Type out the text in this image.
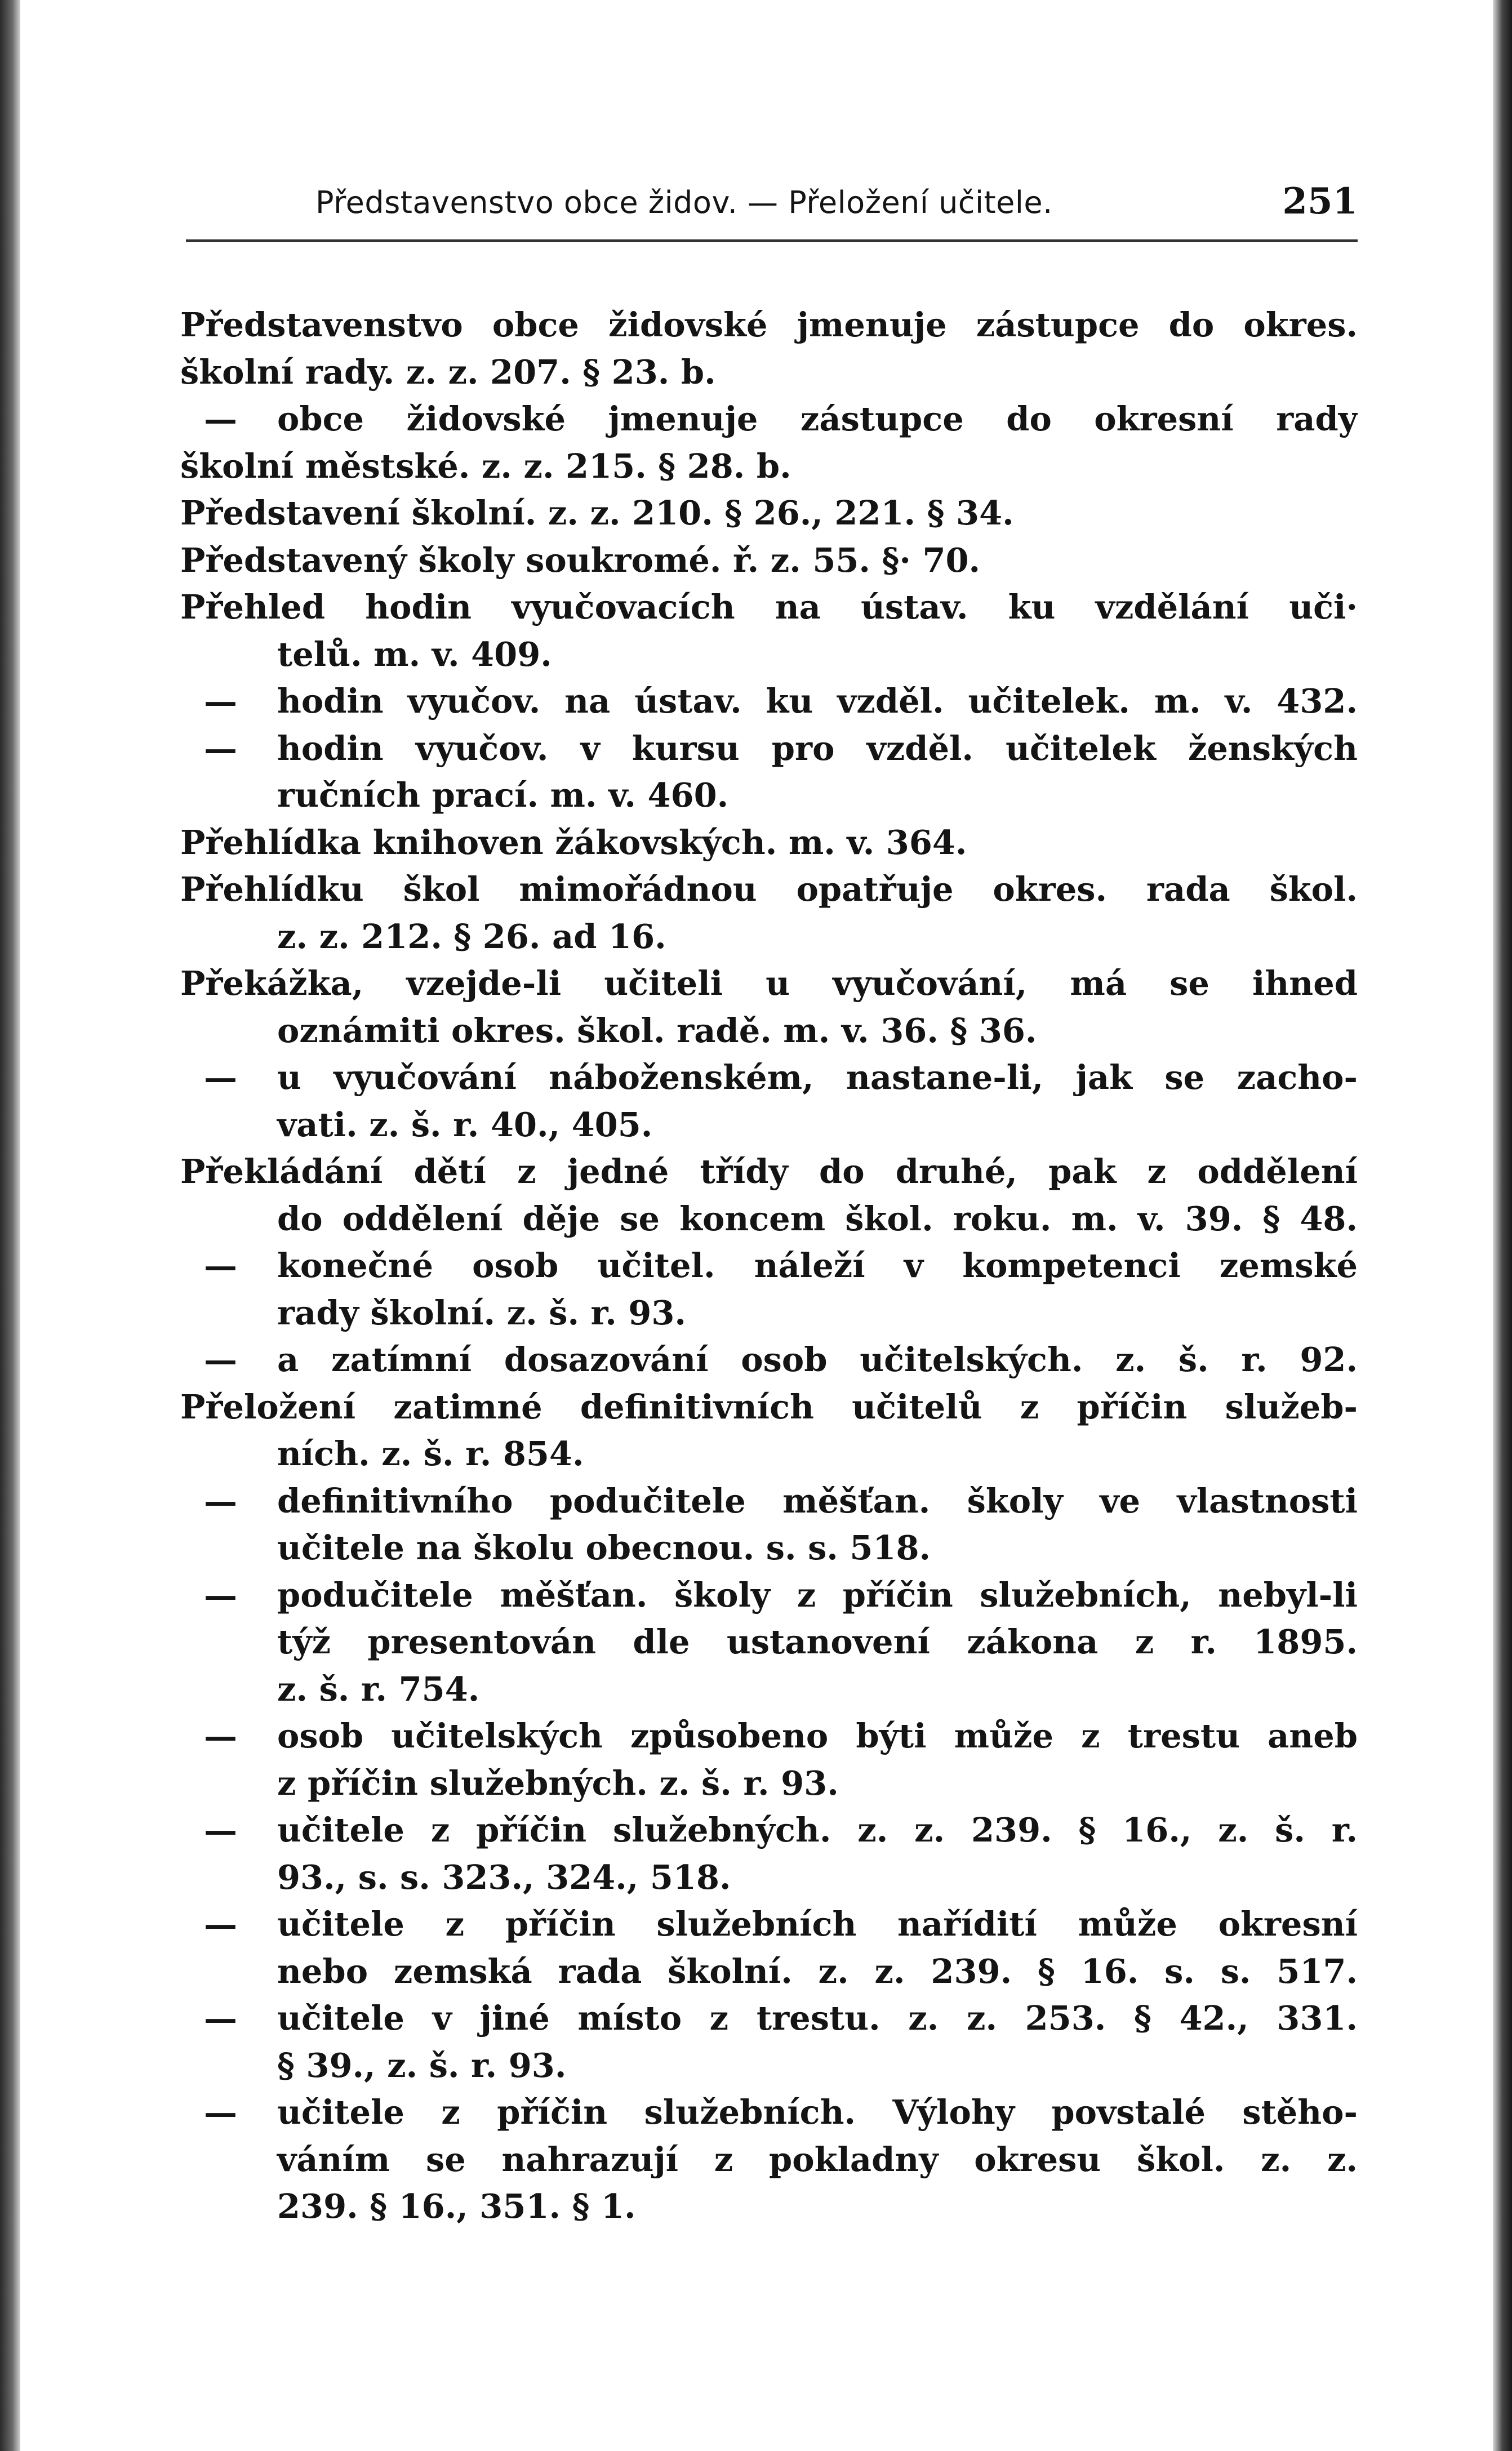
Představenstvo obce židov. — Přeložení učitele.	251
Představenstvo obce židovské jmenuje zástupce do okres.
školní rady. z. z. 207. § 23. b.
—obce židovské jmenuje zástupce do okresní rady
školní městské. z. z. 215. § 28. b.
Představení školní. z. z. 210. § 26., 221. § 34.
Představený školy soukromé. ř. z. 55. §· 70.
Přehled hodin vyučovacích na ústav. ku vzdělání uči·
telů. m. v. 409.
—hodin vyučov. na ústav. ku vzděl. učitelek. m. v. 432.
—hodin vyučov. v kursu pro vzděl. učitelek ženských
ručních prací. m. v. 460.
Přehlídka knihoven žákovských. m. v. 364.
Přehlídku škol mimořádnou opatřuje okres. rada škol.
z. z. 212. § 26. ad 16.
Překážka, vzejde-li učiteli u vyučování, má se ihned
oznámiti okres. škol. radě. m. v. 36. § 36.
—u vyučování náboženském, nastane-li, jak se zacho-
vati. z. š. r. 40., 405.
Překládání dětí z jedné třídy do druhé, pak z oddělení
do oddělení děje se koncem škol. roku. m. v. 39. § 48.
—konečné osob učitel. náleží v kompetenci zemské
rady školní. z. š. r. 93.
—a zatímní dosazování osob učitelských. z. š. r. 92.
Přeložení zatimné definitivních učitelů z příčin služeb-
ních. z. š. r. 854.
—definitivního podučitele měšťan. školy ve vlastnosti
učitele na školu obecnou. s. s. 518.
—podučitele měšťan. školy z příčin služebních, nebyl-li
týž presentován dle ustanovení zákona z r. 1895.
z. š. r. 754.
—osob učitelských způsobeno býti může z trestu aneb
z příčin služebných. z. š. r. 93.
—učitele z příčin služebných. z. z. 239. § 16., z. š. r.
93., s. s. 323., 324., 518.
—učitele z příčin služebních nařídití může okresní
nebo zemská rada školní. z. z. 239. § 16. s. s. 517.
—učitele v jiné místo z trestu. z. z. 253. § 42., 331.
§ 39., z. š. r. 93.
—učitele z příčin služebních. Výlohy povstalé stěho-
váním se nahrazují z pokladny okresu škol. z. z.
239. § 16., 351. § 1.
